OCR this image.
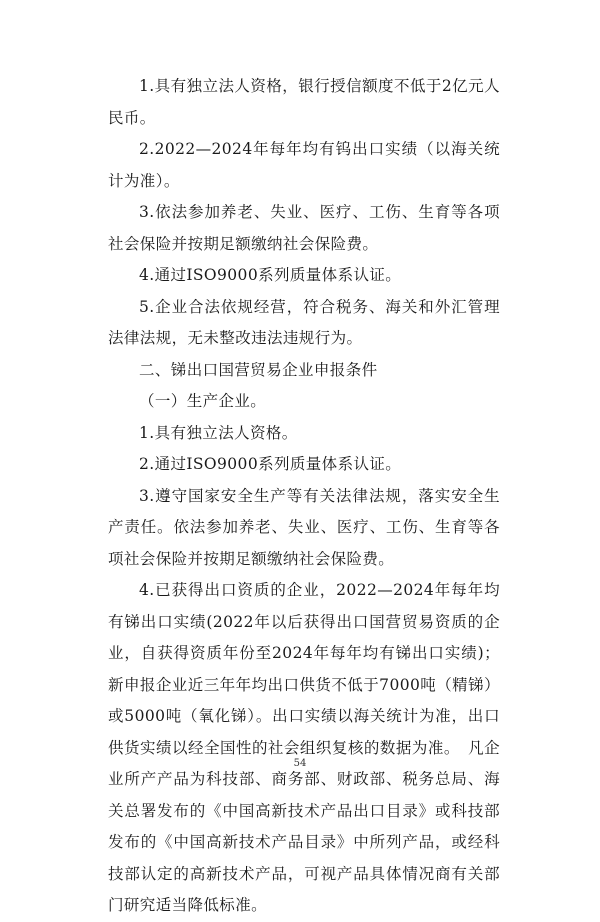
1.具有独立法人资格，银行授信额度不低于2亿元人民币。

2.2022—2024年每年均有钨出口实绩（以海关统计为准）。

3.依法参加养老、失业、医疗、工伤、生育等各项社会保险并按期足额缴纳社会保险费。

4.通过ISO9000系列质量体系认证。

5.企业合法依规经营，符合税务、海关和外汇管理法律法规，无未整改违法违规行为。

二、锑出口国营贸易企业申报条件

（一）生产企业。

1.具有独立法人资格。

2.通过ISO9000系列质量体系认证。

3.遵守国家安全生产等有关法律法规，落实安全生产责任。依法参加养老、失业、医疗、工伤、生育等各项社会保险并按期足额缴纳社会保险费。

4.已获得出口资质的企业，2022—2024年每年均有锑出口实绩(2022年以后获得出口国营贸易资质的企业，自获得资质年份至2024年每年均有锑出口实绩)；新申报企业近三年年均出口供货不低于7000吨（精锑）或5000吨（氧化锑）。出口实绩以海关统计为准，出口供货实绩以经全国性的社会组织复核的数据为准。　凡企业所产产品为科技部、商务部、财政部、税务总局、海关总署发布的《中国高新技术产品出口目录》或科技部发布的《中国高新技术产品目录》中所列产品，或经科技部认定的高新技术产品，可视产品具体情况商有关部门研究适当降低标准。

54
